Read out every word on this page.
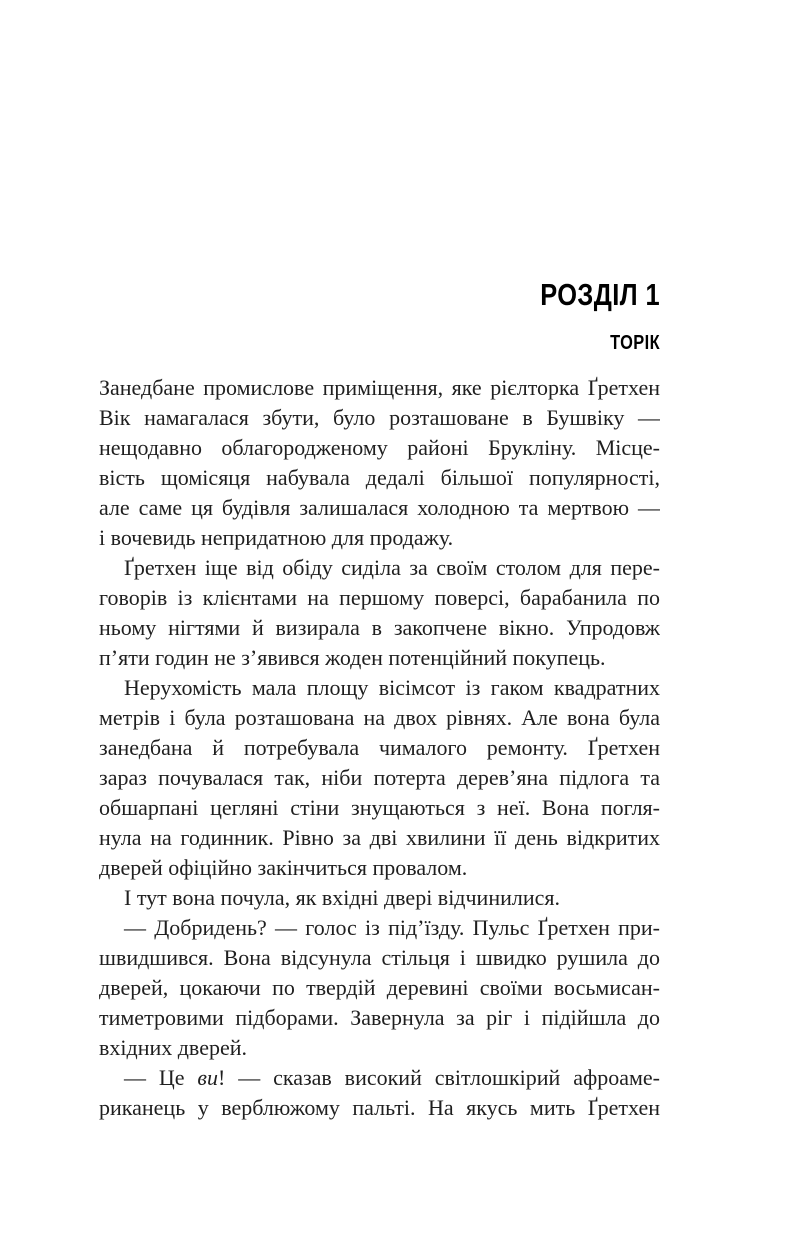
РОЗДІЛ 1
ТОРІК
Занедбане промислове приміщення, яке рієлторка Ґретхен
Вік намагалася збути, було розташоване в Бушвіку —
нещодавно облагородженому районі Брукліну. Місце-
вість щомісяця набувала дедалі більшої популярності,
але саме ця будівля залишалася холодною та мертвою —
і вочевидь непридатною для продажу.
Ґретхен іще від обіду сиділа за своїм столом для пере-
говорів із клієнтами на першому поверсі, барабанила по
ньому нігтями й визирала в закопчене вікно. Упродовж
п’яти годин не з’явився жоден потенційний покупець.
Нерухомість мала площу вісімсот із гаком квадратних
метрів і була розташована на двох рівнях. Але вона була
занедбана й потребувала чималого ремонту. Ґретхен
зараз почувалася так, ніби потерта дерев’яна підлога та
обшарпані цегляні стіни знущаються з неї. Вона погля-
нула на годинник. Рівно за дві хвилини її день відкритих
дверей офіційно закінчиться провалом.
І тут вона почула, як вхідні двері відчинилися.
— Добридень? — голос із під’їзду. Пульс Ґретхен при-
швидшився. Вона відсунула стільця і швидко рушила до
дверей, цокаючи по твердій деревині своїми восьмисан-
тиметровими підборами. Завернула за ріг і підійшла до
вхідних дверей.
— Це ви! — сказав високий світлошкірий афроаме-
риканець у верблюжому пальті. На якусь мить Ґретхен
